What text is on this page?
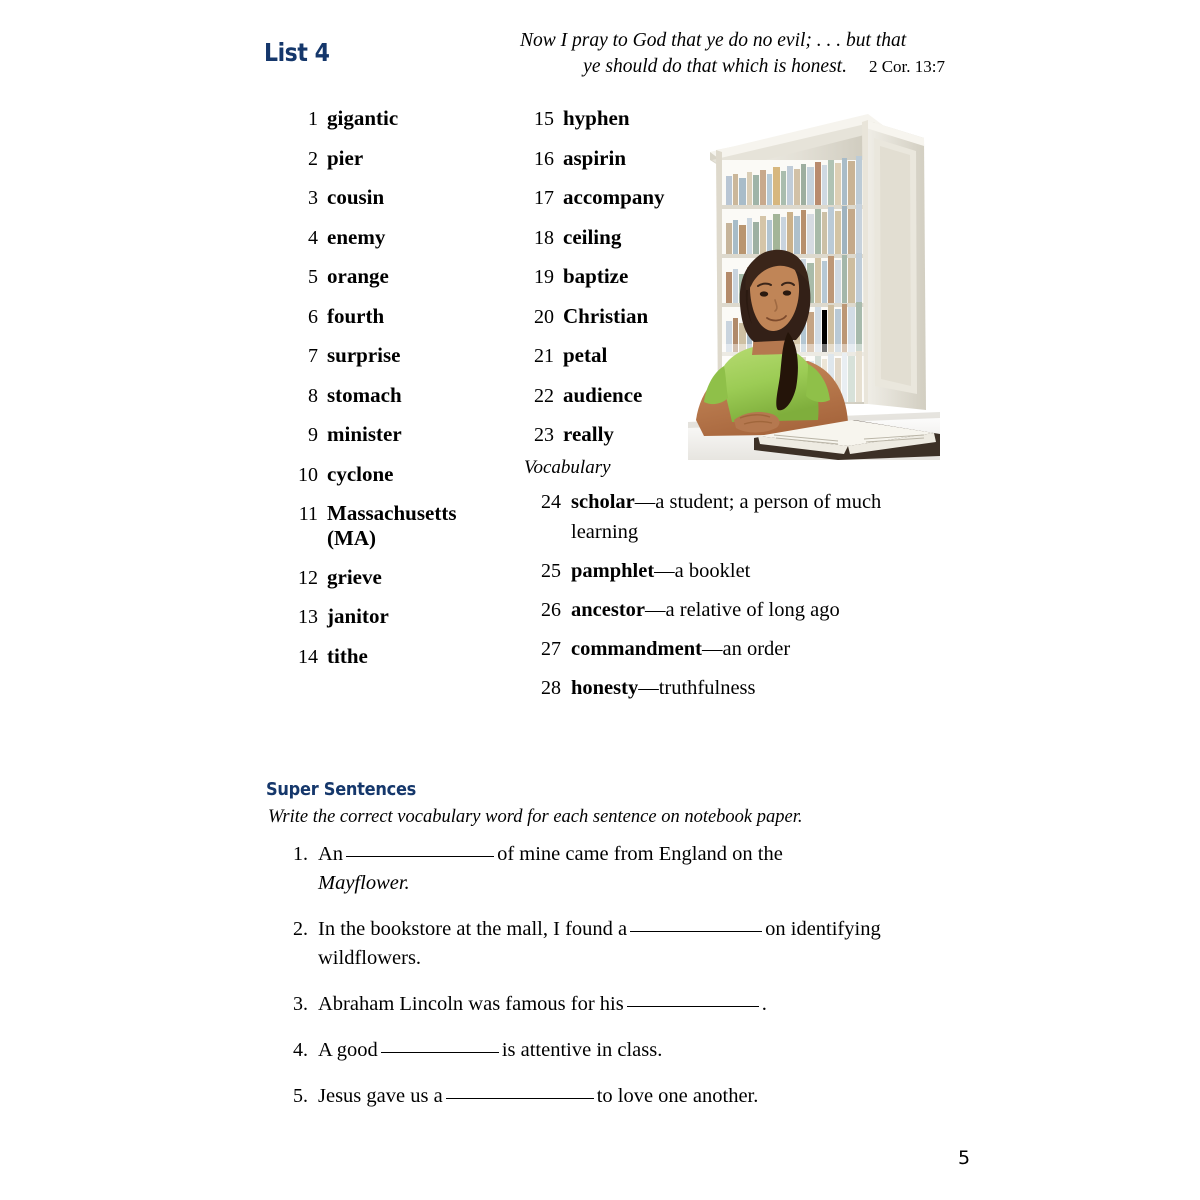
List 4	Now I pray to God that ye do no evil; . . . but that
ye should do that which is honest. 2 Cor. 13:7
1 gigantic
2 pier
3 cousin
4 enemy
5 orange
6 fourth
7 surprise
8 stomach
9 minister
10 cyclone
11 Massachusetts
(MA)
12 grieve
13 janitor
14 tithe
15 hyphen
16 aspirin
17 accompany
18 ceiling
19 baptize
20 Christian
21 petal
22 audience
23 really
Vocabulary
24 scholar—a student; a person of much learning
25 pamphlet—a booklet
26 ancestor—a relative of long ago
27 commandment—an order
28 honesty—truthfulness
Super Sentences
Write the correct vocabulary word for each sentence on notebook paper.
1. An	of mine came from England on the
Mayflower.
2. In the bookstore at the mall, I found a	on identifying wildflowers.
3. Abraham Lincoln was famous for his	.
4. A good	is attentive in class.
5. Jesus gave us a	to love one another.
5
